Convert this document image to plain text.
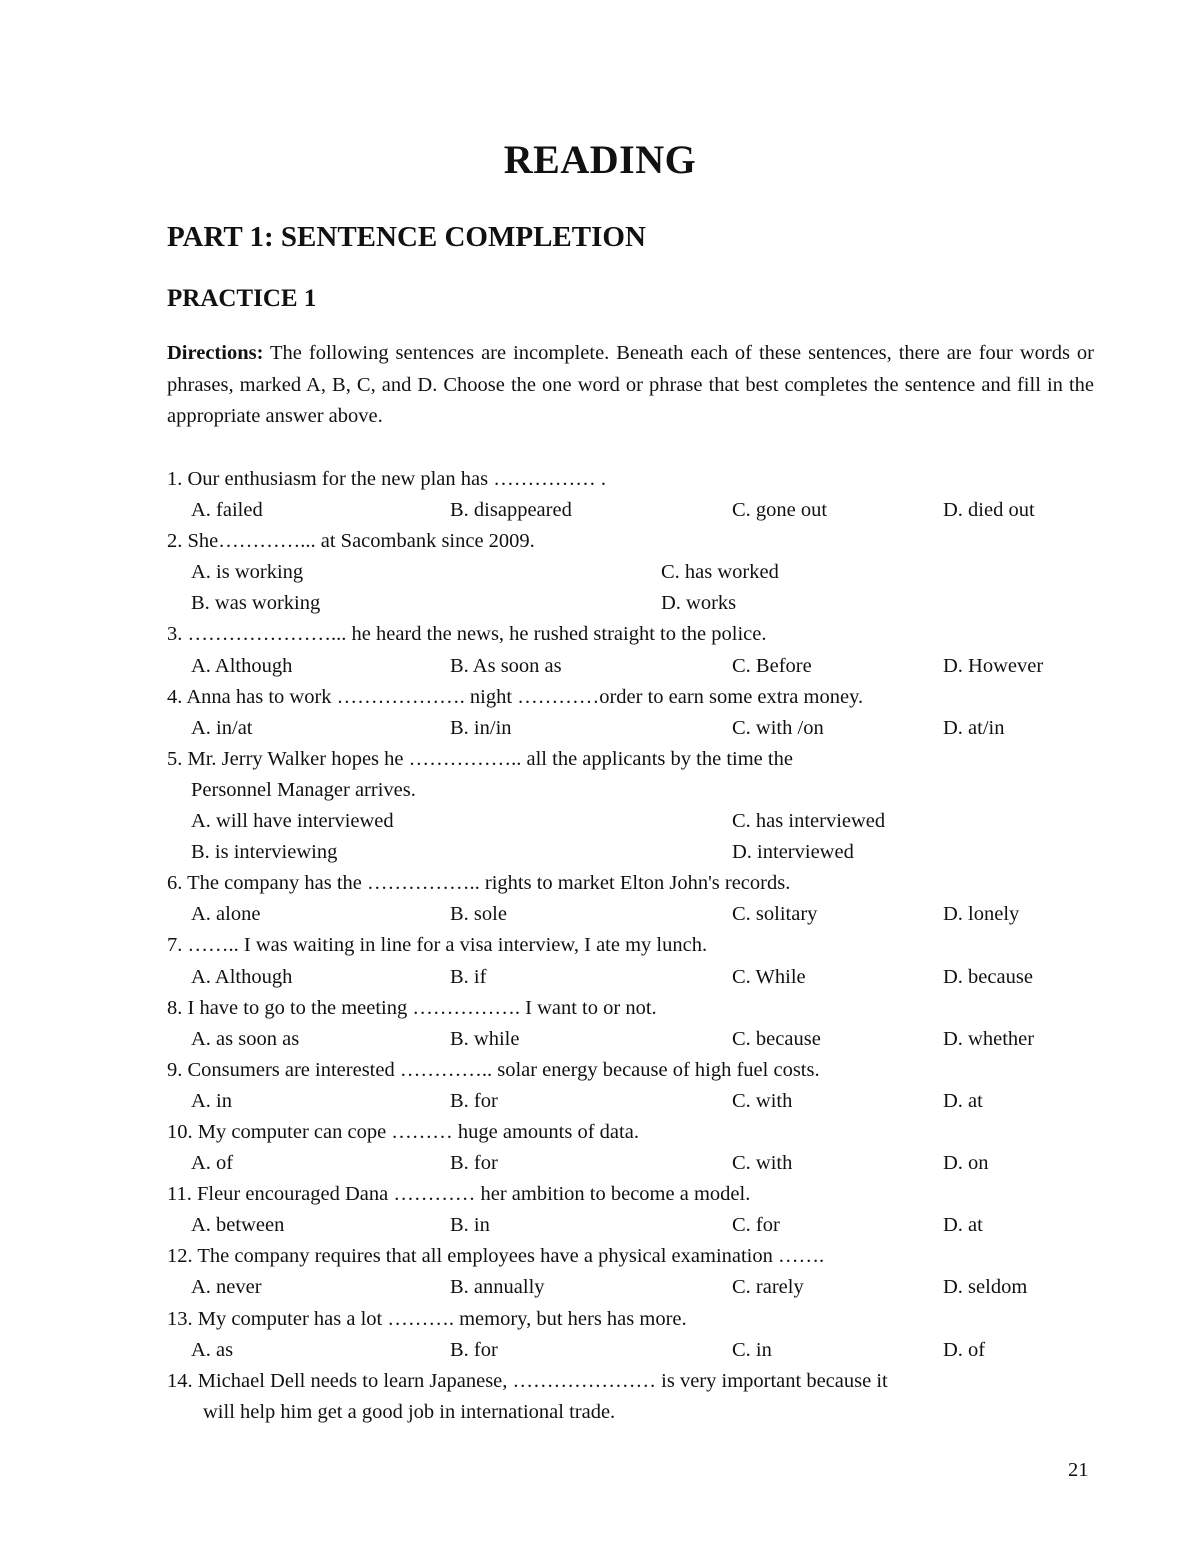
READING
PART 1: SENTENCE COMPLETION
PRACTICE 1

Directions: The following sentences are incomplete. Beneath each of these sentences, there are four words or phrases, marked A, B, C, and D. Choose the one word or phrase that best completes the sentence and fill in the appropriate answer above.

1. Our enthusiasm for the new plan has …………… .
A. failed	B. disappeared	C. gone out	D. died out
2. She…………... at Sacombank since 2009.
A. is working	C. has worked
B. was working	D. works
3. …………………... he heard the news, he rushed straight to the police.
A. Although	B. As soon as	C. Before	D. However
4. Anna has to work ………………. night …………order to earn some extra money.
A. in/at	B. in/in	C. with /on	D. at/in
5. Mr. Jerry Walker hopes he …………….. all the applicants by the time the
Personnel Manager arrives.
A. will have interviewed	C. has interviewed
B. is interviewing	D. interviewed
6. The company has the …………….. rights to market Elton John's records.
A. alone	B. sole	C. solitary	D. lonely
7. …….. I was waiting in line for a visa interview, I ate my lunch.
A. Although	B. if	C. While	D. because
8. I have to go to the meeting ……………. I want to or not.
A. as soon as	B. while	C. because	D. whether
9. Consumers are interested ………….. solar energy because of high fuel costs.
A. in	B. for	C. with	D. at
10. My computer can cope ……… huge amounts of data.
A. of	B. for	C. with	D. on
11. Fleur encouraged Dana ………… her ambition to become a model.
A. between	B. in	C. for	D. at
12. The company requires that all employees have a physical examination …….
A. never	B. annually	C. rarely	D. seldom
13. My computer has a lot ………. memory, but hers has more.
A. as	B. for	C. in	D. of
14. Michael Dell needs to learn Japanese, ………………… is very important because it
will help him get a good job in international trade.
21
